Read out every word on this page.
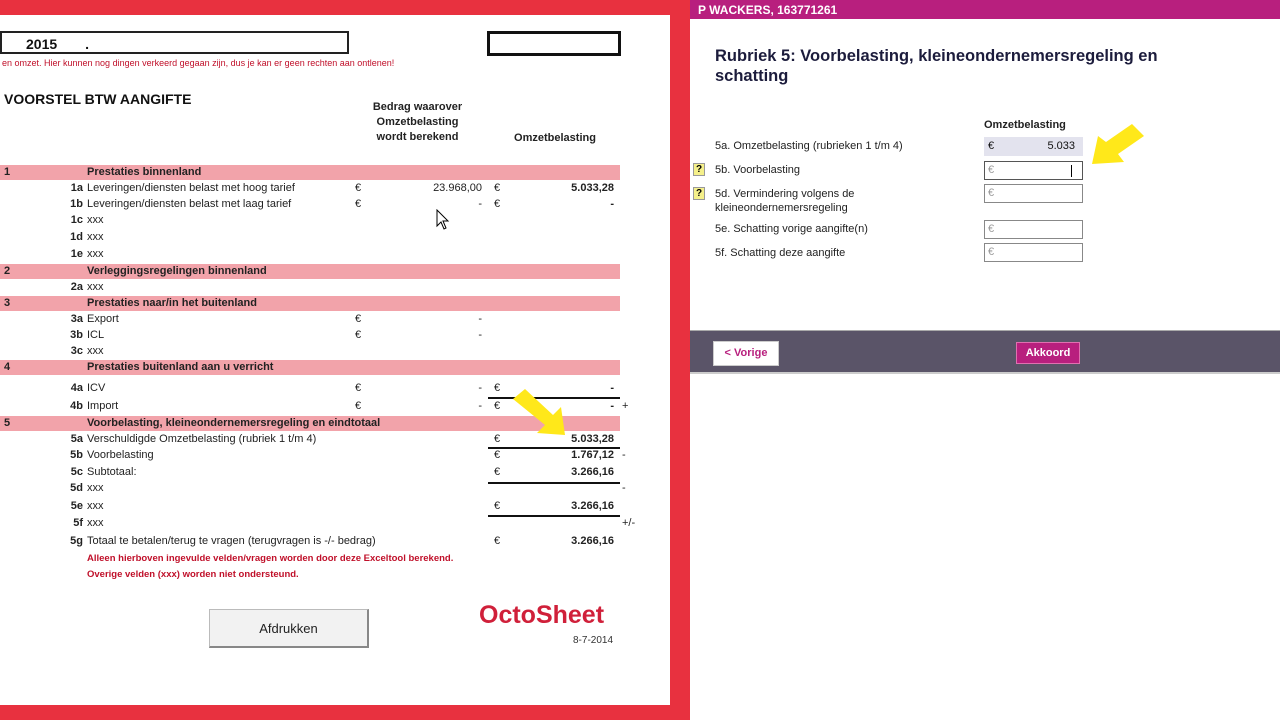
2015 .
en omzet. Hier kunnen nog dingen verkeerd gegaan zijn, dus je kan er geen rechten aan ontlenen!
VOORSTEL BTW AANGIFTE	Bedrag waarover Omzetbelasting wordt berekend	Omzetbelasting
1	Prestaties binnenland
1a Leveringen/diensten belast met hoog tarief	€	23.968,00 €	5.033,28
1b Leveringen/diensten belast met laag tarief	€	- €	-
1c xxx
1d xxx
1e xxx
2	Verleggingsregelingen binnenland
2a xxx
3	Prestaties naar/in het buitenland
3a Export	€	-
3b ICL	€	-
3c xxx
4	Prestaties buitenland aan u verricht
4a ICV	€	- €	-
4b Import	€	- €	- +
5	Voorbelasting, kleineondernemersregeling en eindtotaal
5a Verschuldigde Omzetbelasting (rubriek 1 t/m 4)	€	5.033,28
5b Voorbelasting	€	1.767,12 -
5c Subtotaal:	€	3.266,16
5d xxx	-
5e xxx	€	3.266,16
5f xxx	+/-
5g Totaal te betalen/terug te vragen (terugvragen is -/- bedrag)	€	3.266,16
Alleen hierboven ingevulde velden/vragen worden door deze Exceltool berekend.
Overige velden (xxx) worden niet ondersteund.
Afdrukken	OctoSheet
8-7-2014
P WACKERS, 163771261
Rubriek 5: Voorbelasting, kleineondernemersregeling en schatting
Omzetbelasting
5a. Omzetbelasting (rubrieken 1 t/m 4)	€	5.033
? 5b. Voorbelasting	€
? 5d. Vermindering volgens de kleineondernemersregeling
€
5e. Schatting vorige aangifte(n)	€
5f. Schatting deze aangifte	€
< Vorige	Akkoord
